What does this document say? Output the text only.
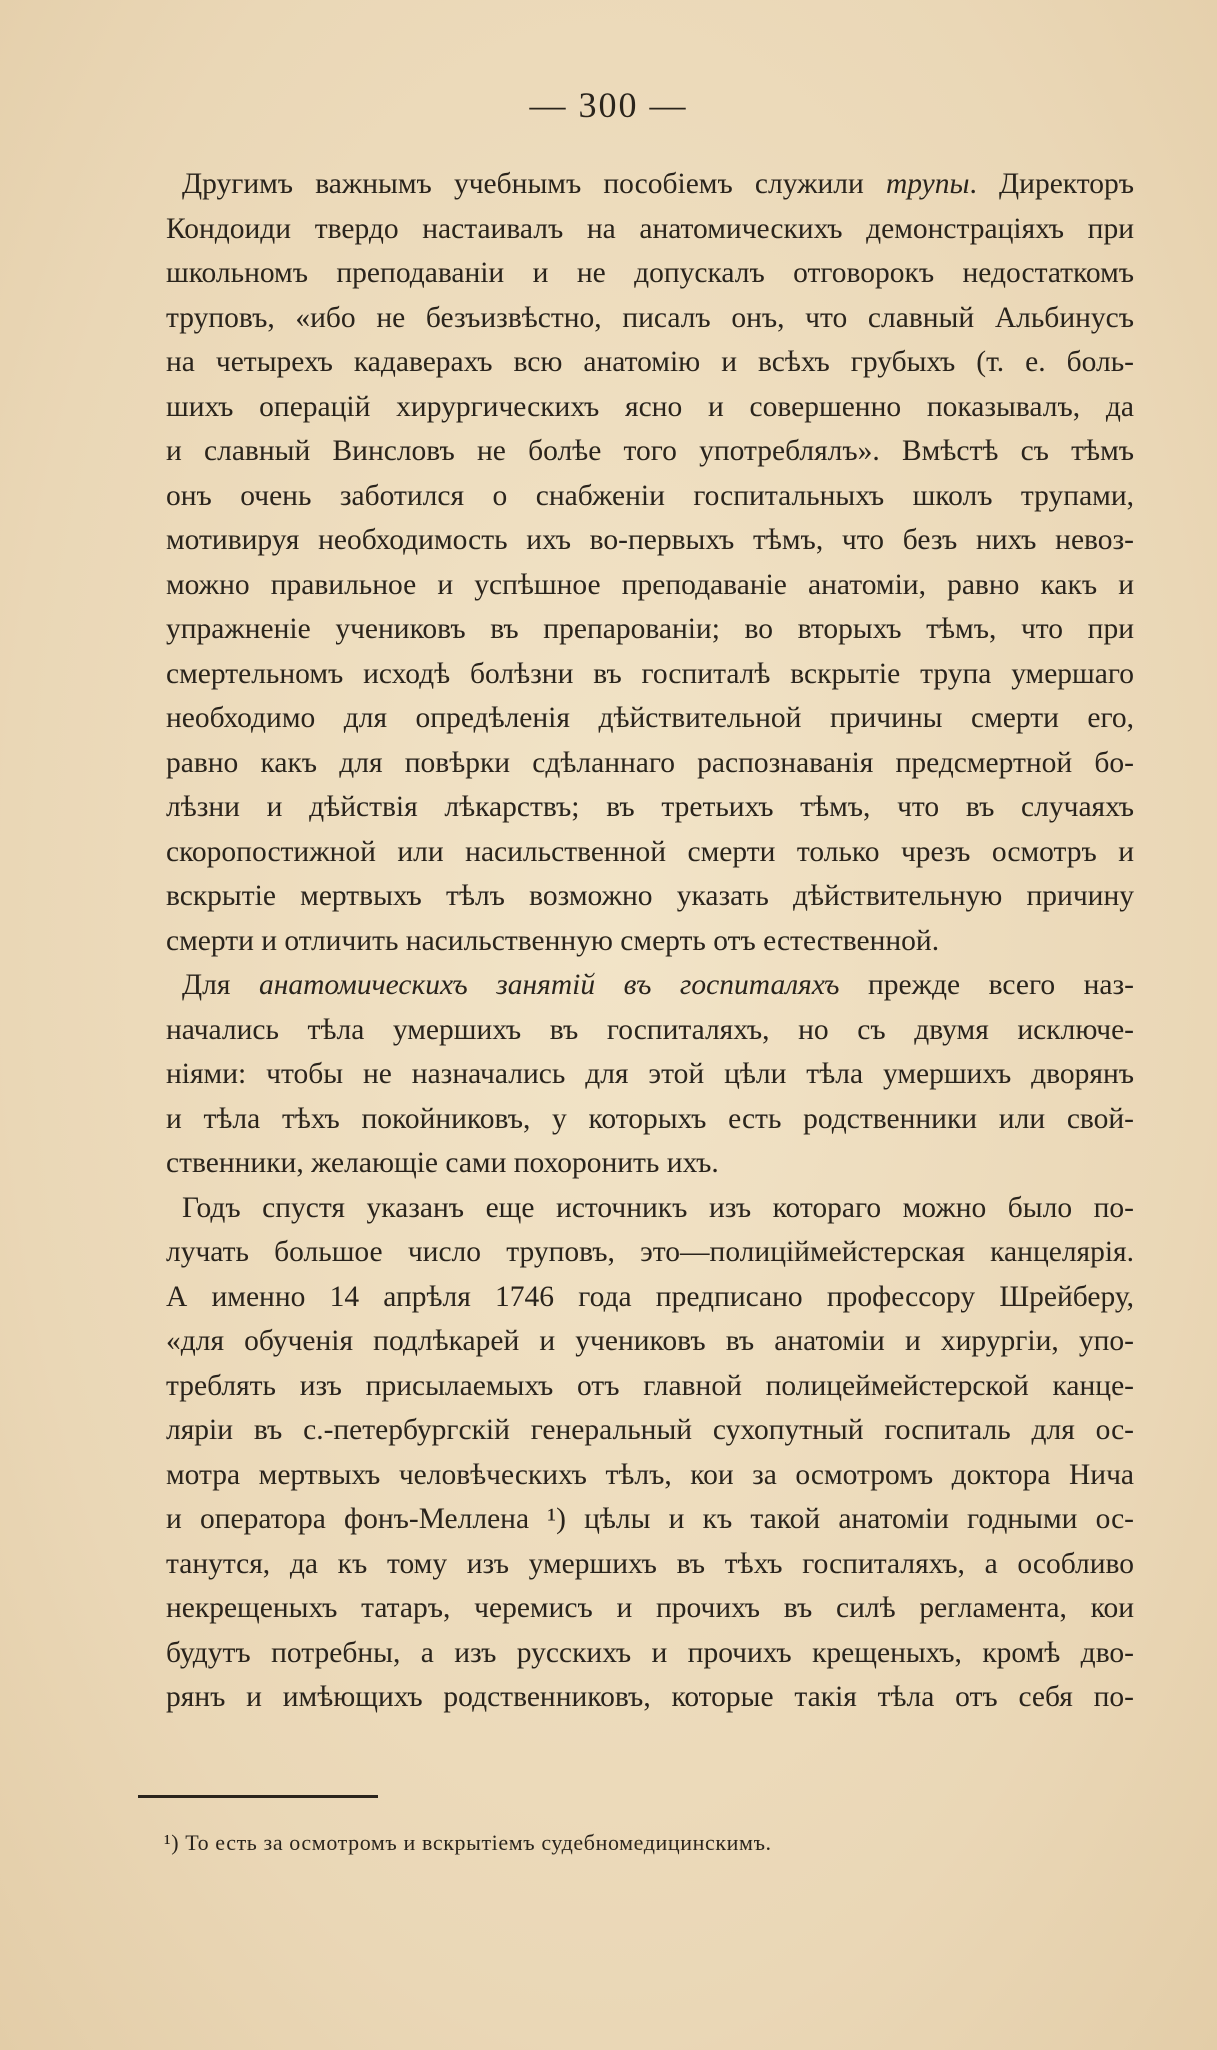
— 300 —
Другимъ важнымъ учебнымъ пособіемъ служили трупы. Директоръ
Кондоиди твердо настаивалъ на анатомическихъ демонстраціяхъ при
школьномъ преподаваніи и не допускалъ отговорокъ недостаткомъ
труповъ, «ибо не безъизвѣстно, писалъ онъ, что славный Альбинусъ
на четырехъ кадаверахъ всю анатомію и всѣхъ грубыхъ (т. е. боль-
шихъ операцій хирургическихъ ясно и совершенно показывалъ, да
и славный Винсловъ не болѣе того употреблялъ». Вмѣстѣ съ тѣмъ
онъ очень заботился о снабженіи госпитальныхъ школъ трупами,
мотивируя необходимость ихъ во-первыхъ тѣмъ, что безъ нихъ невоз-
можно правильное и успѣшное преподаваніе анатоміи, равно какъ и
упражненіе учениковъ въ препарованіи; во вторыхъ тѣмъ, что при
смертельномъ исходѣ болѣзни въ госпиталѣ вскрытіе трупа умершаго
необходимо для опредѣленія дѣйствительной причины смерти его,
равно какъ для повѣрки сдѣланнаго распознаванія предсмертной бо-
лѣзни и дѣйствія лѣкарствъ; въ третьихъ тѣмъ, что въ случаяхъ
скоропостижной или насильственной смерти только чрезъ осмотръ и
вскрытіе мертвыхъ тѣлъ возможно указать дѣйствительную причину
смерти и отличить насильственную смерть отъ естественной.
Для анатомическихъ занятій въ госпиталяхъ прежде всего наз-
начались тѣла умершихъ въ госпиталяхъ, но съ двумя исключе-
ніями: чтобы не назначались для этой цѣли тѣла умершихъ дворянъ
и тѣла тѣхъ покойниковъ, у которыхъ есть родственники или свой-
ственники, желающіе сами похоронить ихъ.
Годъ спустя указанъ еще источникъ изъ котораго можно было по-
лучать большое число труповъ, это—полиціймейстерская канцелярія.
А именно 14 апрѣля 1746 года предписано профессору Шрейберу,
«для обученія подлѣкарей и учениковъ въ анатоміи и хирургіи, упо-
треблять изъ присылаемыхъ отъ главной полицеймейстерской канце-
ляріи въ с.-петербургскій генеральный сухопутный госпиталь для ос-
мотра мертвыхъ человѣческихъ тѣлъ, кои за осмотромъ доктора Нича
и оператора фонъ-Меллена ¹) цѣлы и къ такой анатоміи годными ос-
танутся, да къ тому изъ умершихъ въ тѣхъ госпиталяхъ, а особливо
некрещеныхъ татаръ, черемисъ и прочихъ въ силѣ регламента, кои
будутъ потребны, а изъ русскихъ и прочихъ крещеныхъ, кромѣ дво-
рянъ и имѣющихъ родственниковъ, которые такія тѣла отъ себя по-
¹) То есть за осмотромъ и вскрытіемъ судебномедицинскимъ.
